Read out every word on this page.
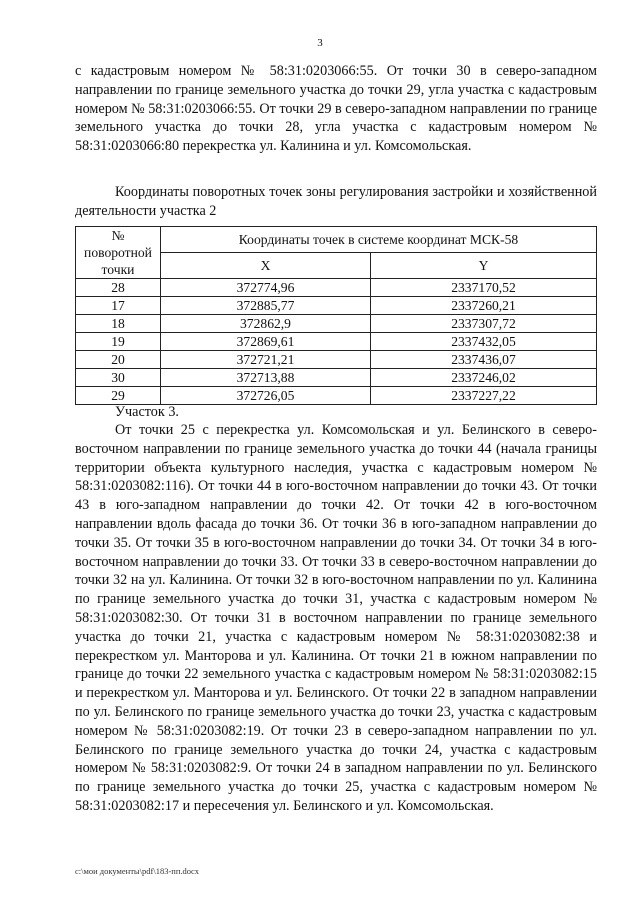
3

с кадастровым номером № 58:31:0203066:55. От точки 30 в северо-западном направлении по границе земельного участка до точки 29, угла участка с кадастровым номером № 58:31:0203066:55. От точки 29 в северо-западном направлении по границе земельного участка до точки 28, угла участка с кадастровым номером № 58:31:0203066:80 перекрестка ул. Калинина и ул. Комсомольская.

Координаты поворотных точек зоны регулирования застройки и хозяйственной деятельности участка 2

№ поворотной точки	Координаты точек в системе координат МСК-58	
	X	Y
28	372774,96	2337170,52
17	372885,77	2337260,21
18	372862,9	2337307,72
19	372869,61	2337432,05
20	372721,21	2337436,07
30	372713,88	2337246,02
29	372726,05	2337227,22

Участок 3.

От точки 25 с перекрестка ул. Комсомольская и ул. Белинского в северо-восточном направлении по границе земельного участка до точки 44 (начала границы территории объекта культурного наследия, участка с кадастровым номером № 58:31:0203082:116). От точки 44 в юго-восточном направлении до точки 43. От точки 43 в юго-западном направлении до точки 42. От точки 42 в юго-восточном направлении вдоль фасада до точки 36. От точки 36 в юго-западном направлении до точки 35. От точки 35 в юго-восточном направлении до точки 34. От точки 34 в юго-восточном направлении до точки 33. От точки 33 в северо-восточном направлении до точки 32 на ул. Калинина. От точки 32 в юго-восточном направлении по ул. Калинина по границе земельного участка до точки 31, участка с кадастровым номером № 58:31:0203082:30. От точки 31 в восточном направлении по границе земельного участка до точки 21, участка с кадастровым номером № 58:31:0203082:38 и перекрестком ул. Манторова и ул. Калинина. От точки 21 в южном направлении по границе до точки 22 земельного участка с кадастровым номером № 58:31:0203082:15 и перекрестком ул. Манторова и ул. Белинского. От точки 22 в западном направлении по ул. Белинского по границе земельного участка до точки 23, участка с кадастровым номером № 58:31:0203082:19. От точки 23 в северо-западном направлении по ул. Белинского по границе земельного участка до точки 24, участка с кадастровым номером № 58:31:0203082:9. От точки 24 в западном направлении по ул. Белинского по границе земельного участка до точки 25, участка с кадастровым номером № 58:31:0203082:17 и пересечения ул. Белинского и ул. Комсомольская.

c:\мои документы\pdf\183-пп.docx
